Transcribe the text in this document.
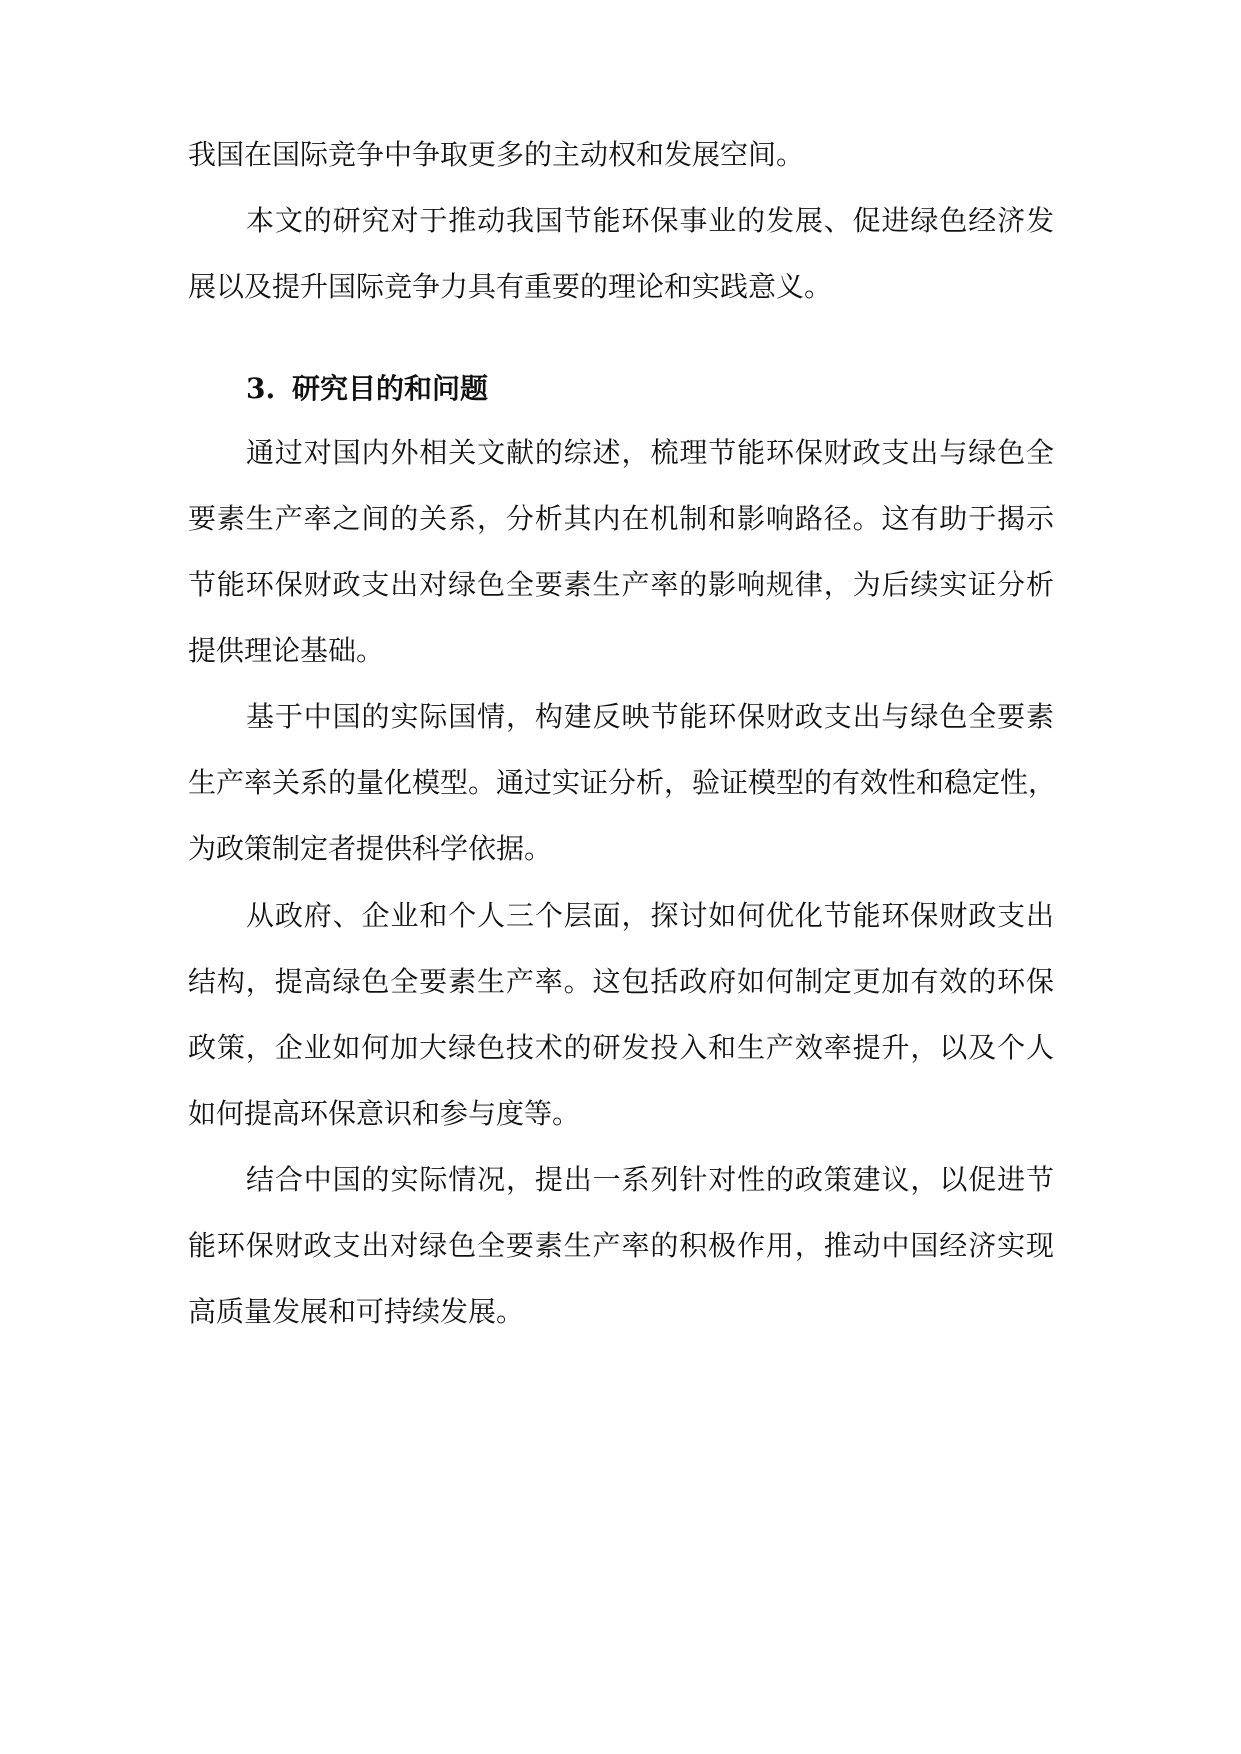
我国在国际竞争中争取更多的主动权和发展空间。
本文的研究对于推动我国节能环保事业的发展、促进绿色经济发
展以及提升国际竞争力具有重要的理论和实践意义。
3. 研究目的和问题
通过对国内外相关文献的综述，梳理节能环保财政支出与绿色全
要素生产率之间的关系，分析其内在机制和影响路径。这有助于揭示
节能环保财政支出对绿色全要素生产率的影响规律，为后续实证分析
提供理论基础。
基于中国的实际国情，构建反映节能环保财政支出与绿色全要素
生产率关系的量化模型。通过实证分析，验证模型的有效性和稳定性，
为政策制定者提供科学依据。
从政府、企业和个人三个层面，探讨如何优化节能环保财政支出
结构，提高绿色全要素生产率。这包括政府如何制定更加有效的环保
政策，企业如何加大绿色技术的研发投入和生产效率提升，以及个人
如何提高环保意识和参与度等。
结合中国的实际情况，提出一系列针对性的政策建议，以促进节
能环保财政支出对绿色全要素生产率的积极作用，推动中国经济实现
高质量发展和可持续发展。
